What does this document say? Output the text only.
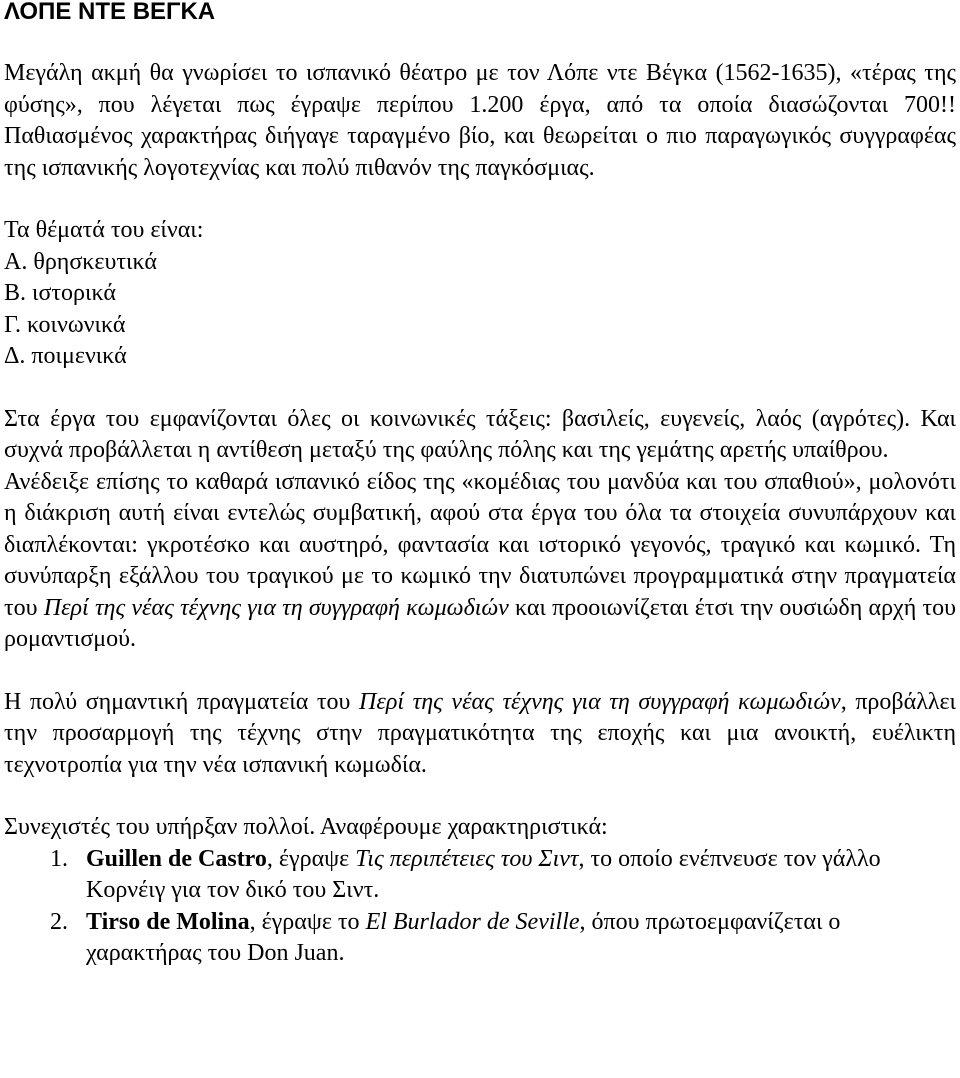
ΛΟΠΕ ΝΤΕ ΒΕΓΚΑ

Μεγάλη ακμή θα γνωρίσει το ισπανικό θέατρο με τον Λόπε ντε Βέγκα (1562-1635), «τέρας της φύσης», που λέγεται πως έγραψε περίπου 1.200 έργα, από τα οποία διασώζονται 700!! Παθιασμένος χαρακτήρας διήγαγε ταραγμένο βίο, και θεωρείται ο πιο παραγωγικός συγγραφέας της ισπανικής λογοτεχνίας και πολύ πιθανόν της παγκόσμιας.

Τα θέματά του είναι:

Α. θρησκευτικά

Β. ιστορικά

Γ. κοινωνικά

Δ. ποιμενικά

Στα έργα του εμφανίζονται όλες οι κοινωνικές τάξεις: βασιλείς, ευγενείς, λαός (αγρότες). Και συχνά προβάλλεται η αντίθεση μεταξύ της φαύλης πόλης και της γεμάτης αρετής υπαίθρου.

Ανέδειξε επίσης το καθαρά ισπανικό είδος της «κομέδιας του μανδύα και του σπαθιού», μολονότι η διάκριση αυτή είναι εντελώς συμβατική, αφού στα έργα του όλα τα στοιχεία συνυπάρχουν και διαπλέκονται: γκροτέσκο και αυστηρό, φαντασία και ιστορικό γεγονός, τραγικό και κωμικό. Τη συνύπαρξη εξάλλου του τραγικού με το κωμικό την διατυπώνει προγραμματικά στην πραγματεία του Περί της νέας τέχνης για τη συγγραφή κωμωδιών και προοιωνίζεται έτσι την ουσιώδη αρχή του ρομαντισμού.

Η πολύ σημαντική πραγματεία του Περί της νέας τέχνης για τη συγγραφή κωμωδιών, προβάλλει την προσαρμογή της τέχνης στην πραγματικότητα της εποχής και μια ανοικτή, ευέλικτη τεχνοτροπία για την νέα ισπανική κωμωδία.

Συνεχιστές του υπήρξαν πολλοί. Αναφέρουμε χαρακτηριστικά:

1. Guillen de Castro, έγραψε Τις περιπέτειες του Σιντ, το οποίο ενέπνευσε τον γάλλο Κορνέιγ για τον δικό του Σιντ.
2. Tirso de Molina, έγραψε το El Burlador de Seville, όπου πρωτοεμφανίζεται ο χαρακτήρας του Don Juan.
